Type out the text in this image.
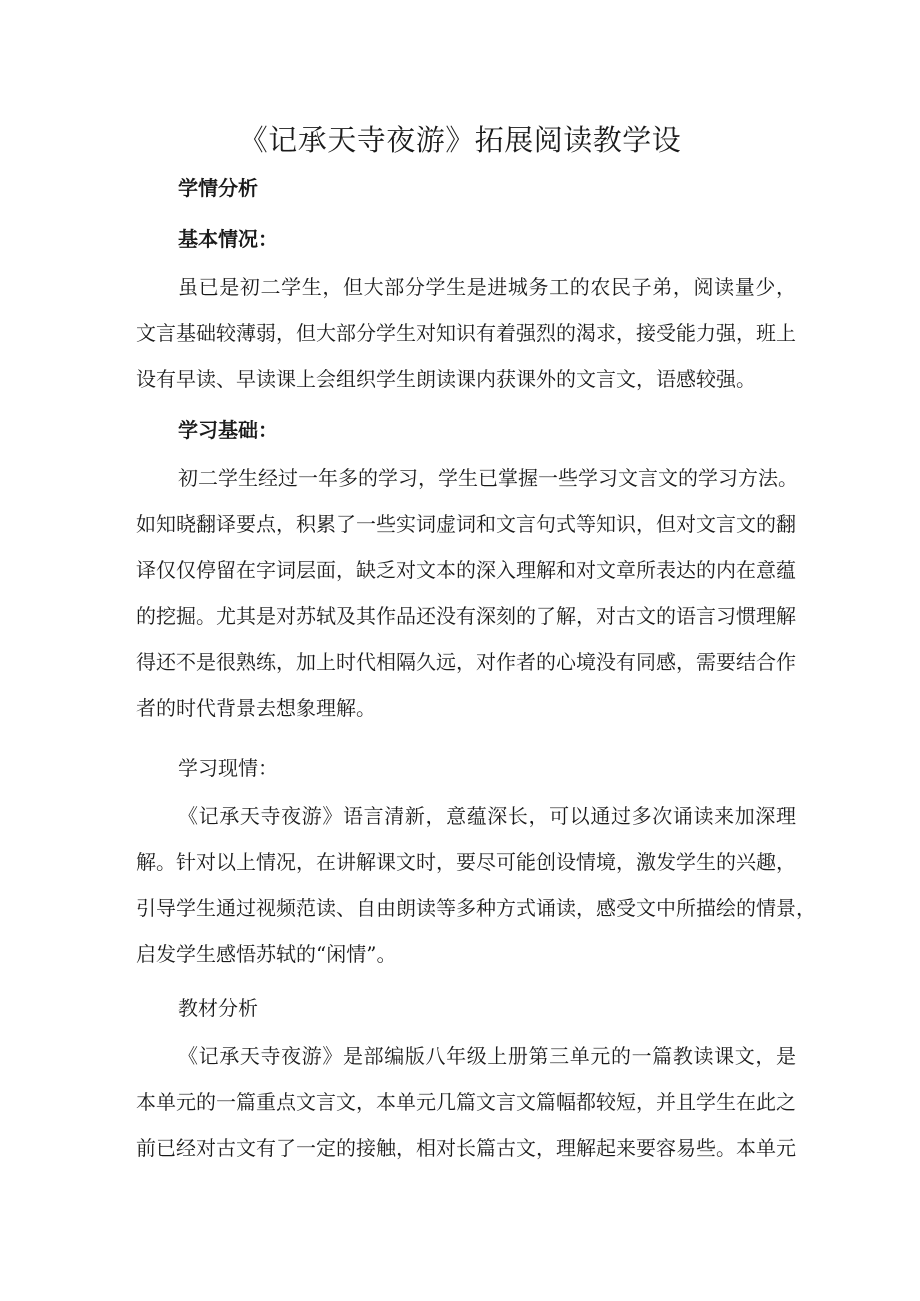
《记承天寺夜游》拓展阅读教学设
学情分析
基本情况：
虽已是初二学生，但大部分学生是进城务工的农民子弟，阅读量少，
文言基础较薄弱，但大部分学生对知识有着强烈的渴求，接受能力强，班上
设有早读、早读课上会组织学生朗读课内获课外的文言文，语感较强。
学习基础：
初二学生经过一年多的学习，学生已掌握一些学习文言文的学习方法。
如知晓翻译要点，积累了一些实词虚词和文言句式等知识，但对文言文的翻
译仅仅停留在字词层面，缺乏对文本的深入理解和对文章所表达的内在意蕴
的挖掘。尤其是对苏轼及其作品还没有深刻的了解，对古文的语言习惯理解
得还不是很熟练，加上时代相隔久远，对作者的心境没有同感，需要结合作
者的时代背景去想象理解。
学习现情：
《记承天寺夜游》语言清新，意蕴深长，可以通过多次诵读来加深理
解。针对以上情况，在讲解课文时，要尽可能创设情境，激发学生的兴趣，
引导学生通过视频范读、自由朗读等多种方式诵读，感受文中所描绘的情景，
启发学生感悟苏轼的“闲情”。
教材分析
《记承天寺夜游》是部编版八年级上册第三单元的一篇教读课文，是
本单元的一篇重点文言文，本单元几篇文言文篇幅都较短，并且学生在此之
前已经对古文有了一定的接触，相对长篇古文，理解起来要容易些。本单元
